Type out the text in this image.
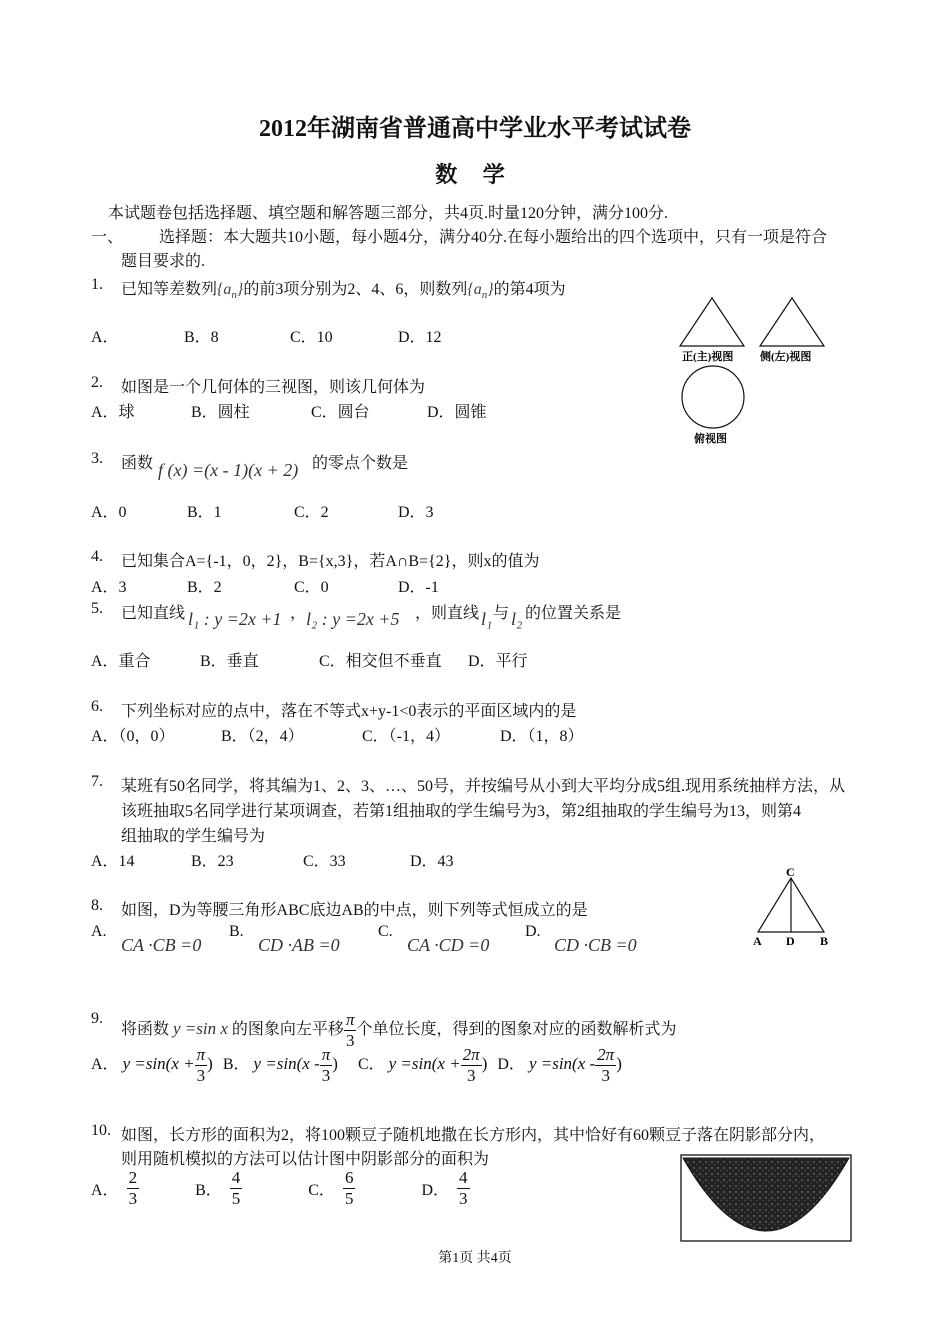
2012年湖南省普通高中学业水平考试试卷
数 学
本试题卷包括选择题、填空题和解答题三部分，共4页.时量120分钟，满分100分.
一、 选择题：本大题共10小题，每小题4分，满分40分.在每小题给出的四个选项中，只有一项是符合
题目要求的.
1. 已知等差数列$\{a_n\}$的前3项分别为2、4、6，则数列$\{a_n\}$的第4项为
A．	B．8	C．10	D．12
正(主)视图 侧(左)视图
俯视图
2. 如图是一个几何体的三视图，则该几何体为
A．球	B．圆柱	C．圆台	D．圆锥
3. 函数 f (x) =(x - 1)(x + 2) 的零点个数是
A．0	B．1	C．2	D．3
4. 已知集合A={-1，0，2}，B={x,3}，若A∩B={2}，则x的值为
A．3	B．2	C．0	D．-1
5. 已知直线 l₁ : y =2x +1 ， l₂ : y =2x +5 ，则直线 l₁ 与 l₂ 的位置关系是
A．重合	B．垂直	C．相交但不垂直 D．平行
6. 下列坐标对应的点中，落在不等式x+y-1<0表示的平面区域内的是
A．（0，0）	B．（2，4）	C．（-1，4）	D．（1，8）
7. 某班有50名同学，将其编为1、2、3、…、50号，并按编号从小到大平均分成5组.现用系统抽样方法，从
该班抽取5名同学进行某项调查，若第1组抽取的学生编号为3，第2组抽取的学生编号为13，则第4
组抽取的学生编号为
A．14	B．23	C．33	D．43
8. 如图，D为等腰三角形ABC底边AB的中点，则下列等式恒成立的是
A.
CA ·CB =0
B.
CD ·AB =0
C.
CA ·CD =0
D.
CD ·CB =0
C
A D B
9.
将函数 y =sin x 的图象向左平移 $\frac{\pi}{3}$ 个单位长度，得到的图象对应的函数解析式为
A． $y =\sin(x + \frac{\pi}{3}$ ) B． $y =\sin(x - \frac{\pi}{3}$ ) C． $y =\sin(x + \frac{2\pi}{3}$ ) D． $y =\sin(x - \frac{2\pi}{3}$ )
10. 如图，长方形的面积为2，将100颗豆子随机地撒在长方形内，其中恰好有60颗豆子落在阴影部分内，
则用随机模拟的方法可以估计图中阴影部分的面积为
A． $\frac{2}{3}$	B． $\frac{4}{5}$	C． $\frac{6}{5}$	D． $\frac{4}{3}$
第1页 共4页
